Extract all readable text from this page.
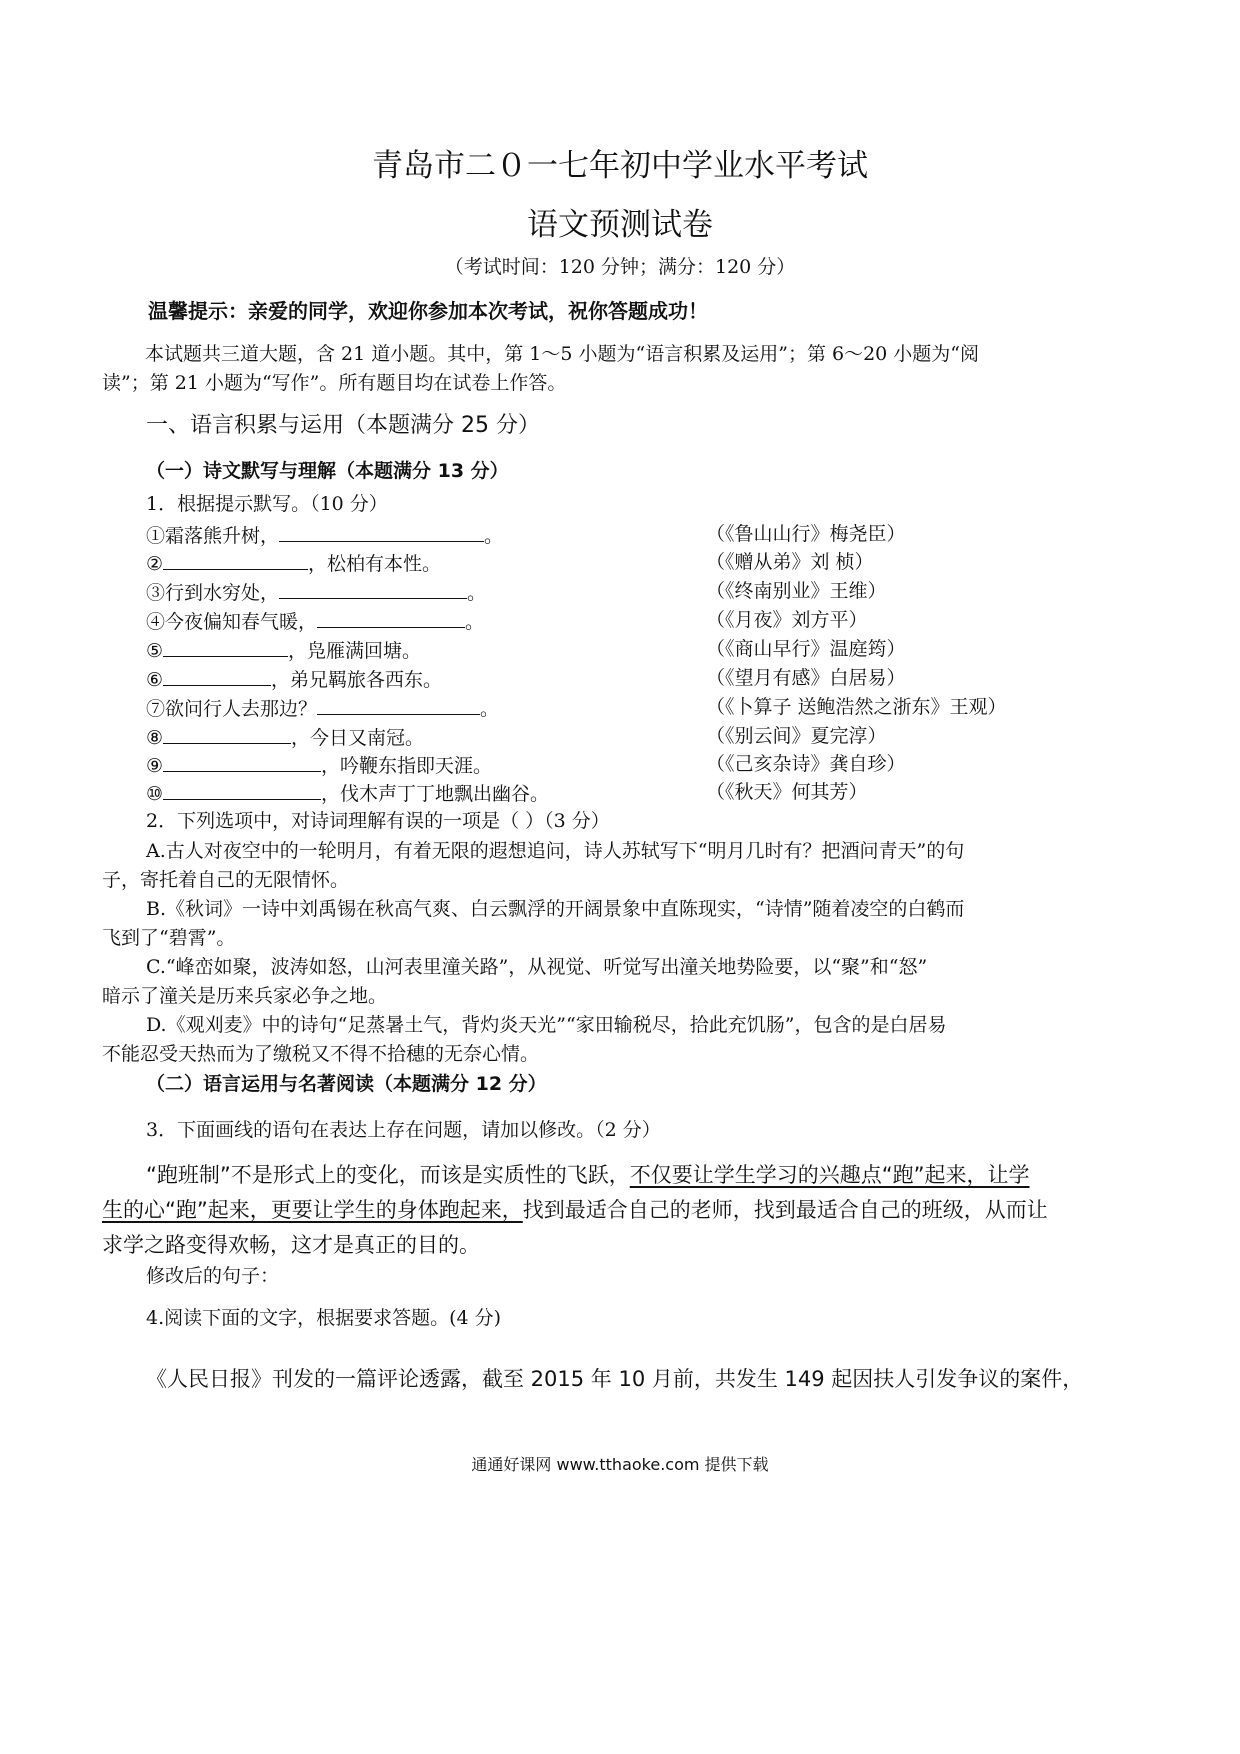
青岛市二０一七年初中学业水平考试
语文预测试卷
（考试时间：120 分钟；满分：120 分）
温馨提示：亲爱的同学，欢迎你参加本次考试，祝你答题成功！
本试题共三道大题，含 21 道小题。其中，第 1～5 小题为“语言积累及运用”；第 6～20 小题为“阅
读”；第 21 小题为“写作”。所有题目均在试卷上作答。
一、语言积累与运用（本题满分 25 分）
（一）诗文默写与理解（本题满分 13 分）
1．根据提示默写。（10 分）
①霜落熊升树，	。	（《鲁山山行》梅尧臣）
②	，松柏有本性。	（《赠从弟》刘 桢）
③行到水穷处，	。	（《终南别业》王维）
④今夜偏知春气暖，	。	（《月夜》刘方平）
⑤	，凫雁满回塘。	（《商山早行》温庭筠）
⑥	，弟兄羁旅各西东。	（《望月有感》白居易）
⑦欲问行人去那边？	。	（《卜算子 送鲍浩然之浙东》王观）
⑧	，今日又南冠。	（《别云间》夏完淳）
⑨	，吟鞭东指即天涯。	（《己亥杂诗》龚自珍）
⑩	，伐木声丁丁地飘出幽谷。	（《秋天》何其芳）
2．下列选项中，对诗词理解有误的一项是（ ）（3 分）
A.古人对夜空中的一轮明月，有着无限的遐想追问，诗人苏轼写下“明月几时有？把酒问青天”的句
子，寄托着自己的无限情怀。
B.《秋词》一诗中刘禹锡在秋高气爽、白云飘浮的开阔景象中直陈现实，“诗情”随着凌空的白鹤而
飞到了“碧霄”。
C.“峰峦如聚，波涛如怒，山河表里潼关路”，从视觉、听觉写出潼关地势险要，以“聚”和“怒”
暗示了潼关是历来兵家必争之地。
D.《观刈麦》中的诗句“足蒸暑土气，背灼炎天光”“家田输税尽，拾此充饥肠”，包含的是白居易
不能忍受天热而为了缴税又不得不拾穗的无奈心情。
（二）语言运用与名著阅读（本题满分 12 分）
3．下面画线的语句在表达上存在问题，请加以修改。（2 分）
“跑班制”不是形式上的变化，而该是实质性的飞跃，不仅要让学生学习的兴趣点“跑”起来，让学
生的心“跑”起来，更要让学生的身体跑起来，找到最适合自己的老师，找到最适合自己的班级，从而让
求学之路变得欢畅，这才是真正的目的。
修改后的句子：
4.阅读下面的文字，根据要求答题。(4 分)
《人民日报》刊发的一篇评论透露，截至 2015 年 10 月前，共发生 149 起因扶人引发争议的案件，
通通好课网 www.tthaoke.com 提供下载
